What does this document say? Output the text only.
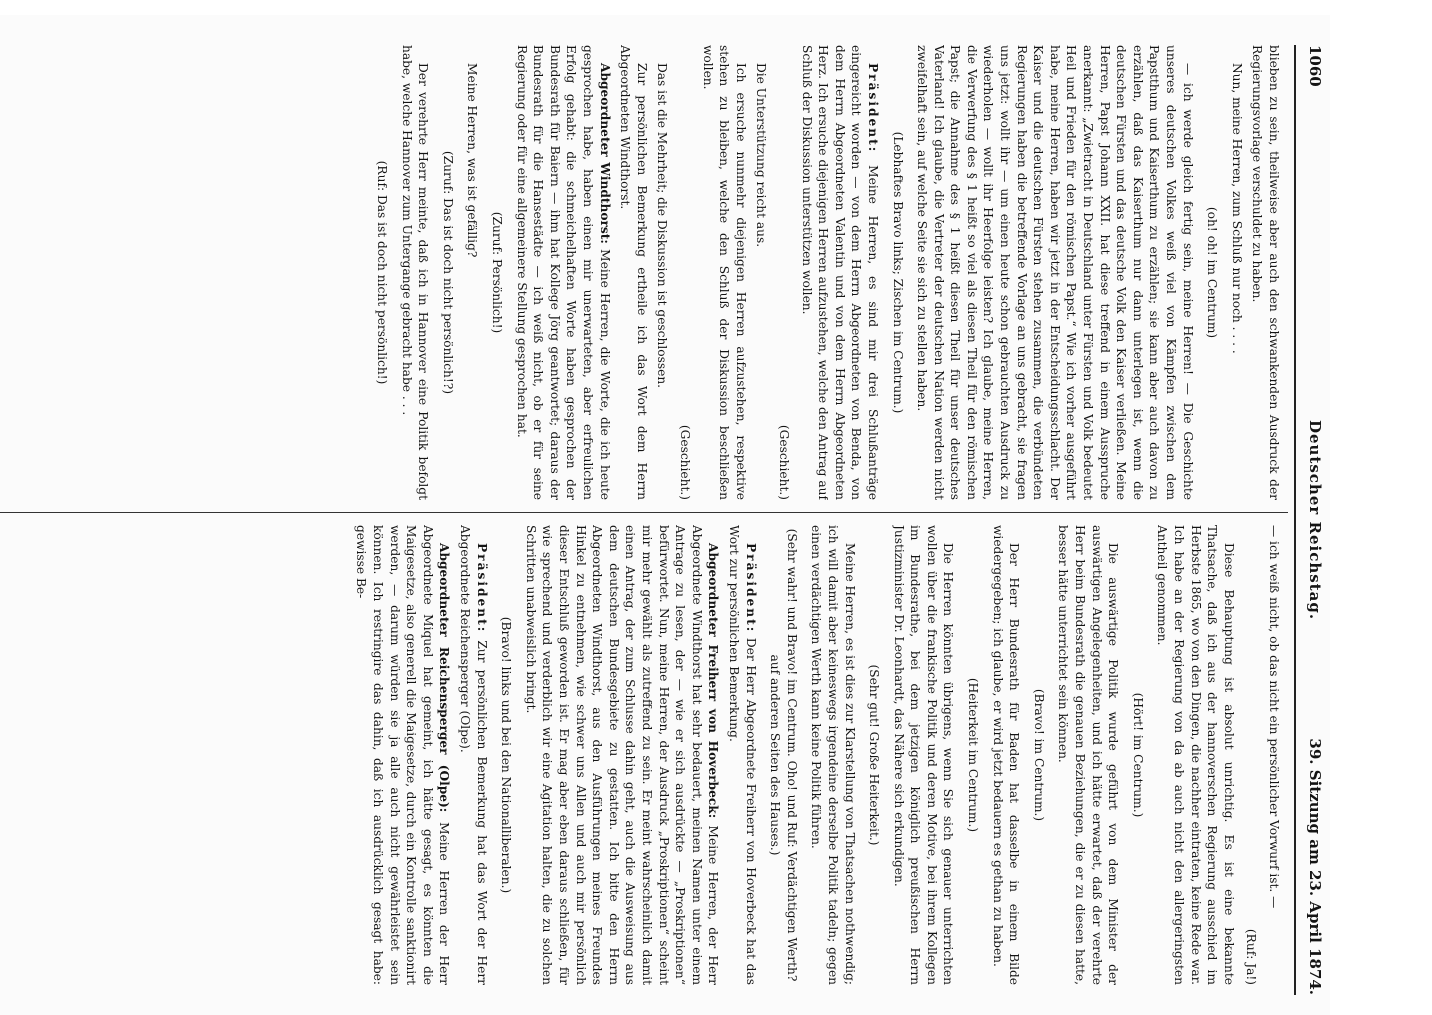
1060
Deutscher Reichstag.
39. Sitzung am 23. April 1874.

blieben zu sein, theilweise aber auch den schwankenden Ausdruck der Regierungsvorlage verschuldet zu haben.

Nun, meine Herren, zum Schluß nur noch . . . .

(oh! oh! im Centrum)

— ich werde gleich fertig sein, meine Herren! — Die Geschichte unseres deutschen Volkes weiß viel von Kämpfen zwischen dem Papstthum und Kaiserthum zu erzählen; sie kann aber auch davon zu erzählen, daß das Kaiserthum nur dann unterlegen ist, wenn die deutschen Fürsten und das deutsche Volk den Kaiser verließen. Meine Herren, Papst Johann XXII. hat diese treffend in einem Ausspruche anerkannt: „Zwietracht in Deutschland unter Fürsten und Volk bedeutet Heil und Frieden für den römischen Papst.“ Wie ich vorher ausgeführt habe, meine Herren, haben wir jetzt in der Entscheidungsschlacht. Der Kaiser und die deutschen Fürsten stehen zusammen, die verbündeten Regierungen haben die betreffende Vorlage an uns gebracht, sie fragen uns jetzt: wollt ihr — um einen heute schon gebrauchten Ausdruck zu wiederholen — wollt ihr Heerfolge leisten? Ich glaube, meine Herren, die Verwerfung des § 1 heißt so viel als diesen Theil für den römischen Papst; die Annahme des § 1 heißt diesen Theil für unser deutsches Vaterland! Ich glaube, die Vertreter der deutschen Nation werden nicht zweifelhaft sein, auf welche Seite sie sich zu stellen haben.

(Lebhaftes Bravo links; Zischen im Centrum.)

Präsident: Meine Herren, es sind mir drei Schlußanträge eingereicht worden — von dem Herrn Abgeordneten von Benda, von dem Herrn Abgeordneten Valentin und von dem Herrn Abgeordneten Herz. Ich ersuche diejenigen Herren aufzustehen, welche den Antrag auf Schluß der Diskussion unterstützen wollen.

(Geschieht.)

Die Unterstützung reicht aus.

Ich ersuche nunmehr diejenigen Herren aufzustehen, respektive stehen zu bleiben, welche den Schluß der Diskussion beschließen wollen.

(Geschieht.)

Das ist die Mehrheit; die Diskussion ist geschlossen.

Zur persönlichen Bemerkung ertheile ich das Wort dem Herrn Abgeordneten Windthorst.

Abgeordneter Windthorst: Meine Herren, die Worte, die ich heute gesprochen habe, haben einen mir unerwarteten, aber erfreulichen Erfolg gehabt: die schmeichelhaften Worte haben gesprochen der Bundesrath für Baiern — ihm hat Kollege Jörg geantwortet; daraus der Bundesrath für die Hansestädte — ich weiß nicht, ob er für seine Regierung oder für eine allgemeinere Stellung gesprochen hat.

(Zuruf: Persönlich!)

Meine Herren, was ist gefällig?

(Zuruf: Das ist doch nicht persönlich!?)

Der verehrte Herr meinte, daß ich in Hannover eine Politik befolgt habe, welche Hannover zum Untergange gebracht habe . . .

(Ruf: Das ist doch nicht persönlich!)

— ich weiß nicht, ob das nicht ein persönlicher Vorwurf ist. —

(Ruf: Ja!)

Diese Behauptung ist absolut unrichtig. Es ist eine bekannte Thatsache, daß ich aus der hannoverschen Regierung ausschied im Herbste 1865, wo von den Dingen, die nachher eintraten, keine Rede war. Ich habe an der Regierung von da ab auch nicht den allergeringsten Antheil genommen.

(Hört! im Centrum.)

Die auswärtige Politik wurde geführt von dem Minister der auswärtigen Angelegenheiten, und ich hätte erwartet, daß der verehrte Herr beim Bundesrath die genauen Beziehungen, die er zu diesen hatte, besser hätte unterrichtet sein können.

(Bravo! im Centrum.)

Der Herr Bundesrath für Baden hat dasselbe in einem Bilde wiedergegeben; ich glaube, er wird jetzt bedauern es gethan zu haben.

(Heiterkeit im Centrum.)

Die Herren könnten übrigens, wenn Sie sich genauer unterrichten wollen über die frankische Politik und deren Motive, bei ihrem Kollegen im Bundesrathe, bei dem jetzigen königlich preußischen Herrn Justizminister Dr. Leonhardt, das Nähere sich erkundigen.

(Sehr gut! Große Heiterkeit.)

Meine Herren, es ist dies zur Klarstellung von Thatsachen nothwendig; ich will damit aber keineswegs irgendeine derselbe Politik tadeln; gegen einen verdächtigen Werth kann keine Politik führen.

(Sehr wahr! und Bravo! im Centrum. Oho! und Ruf: Verdächtigen Werth? auf anderen Seiten des Hauses.)

Präsident: Der Herr Abgeordnete Freiherr von Hoverbeck hat das Wort zur persönlichen Bemerkung.

Abgeordneter Freiherr von Hoverbeck: Meine Herren, der Herr Abgeordnete Windthorst hat sehr bedauert, meinen Namen unter einem Antrage zu lesen, der — wie er sich ausdrückte — „Proskriptionen“ befürwortet. Nun, meine Herren, der Ausdruck „Proskriptionen“ scheint mir mehr gewählt als zutreffend zu sein. Er meint wahrscheinlich damit einen Antrag, der zum Schlusse dahin geht, auch die Ausweisung aus dem deutschen Bundesgebiete zu gestatten. Ich bitte den Herrn Abgeordneten Windthorst, aus den Ausführungen meines Freundes Hinkel zu entnehmen, wie schwer uns Allen und auch mir persönlich dieser Entschluß geworden ist. Er mag aber eben daraus schließen, für wie sprechend und verderblich wir eine Agitation halten, die zu solchen Schritten unabweislich bringt.

(Bravo! links und bei den Nationalliberalen.)

Präsident: Zur persönlichen Bemerkung hat das Wort der Herr Abgeordnete Reichensperger (Olpe).

Abgeordneter Reichensperger (Olpe): Meine Herren der Herr Abgeordnete Miquel hat gemeint, ich hätte gesagt, es könnten die Maigesetze, also generell die Maigesetze, durch ein Kontrolle sanktionirt werden, — darum würden sie ja alle auch nicht gewährleistet sein können. Ich restringire das dahin, daß ich ausdrücklich gesagt habe: gewisse Be-
